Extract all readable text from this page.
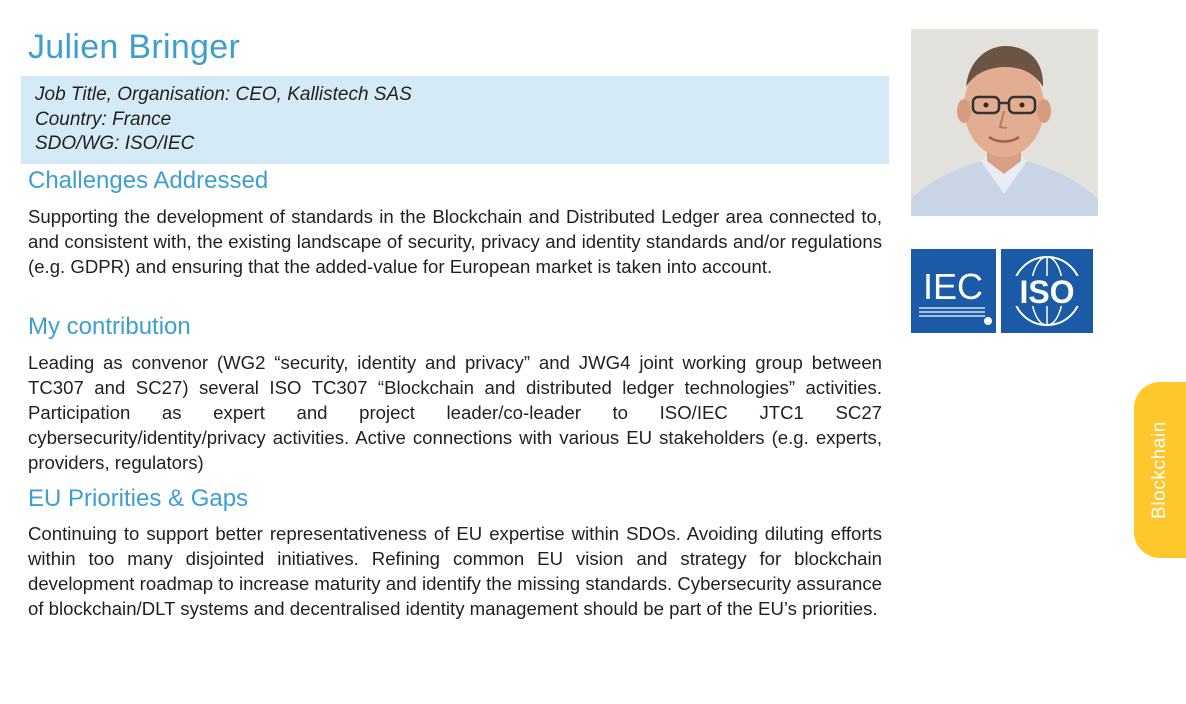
Julien Bringer
Job Title, Organisation: CEO, Kallistech SAS
Country: France
SDO/WG: ISO/IEC
Challenges Addressed

Supporting the development of standards in the Blockchain and Distributed Ledger area connected to, and consistent with, the existing landscape of security, privacy and identity standards and/or regulations (e.g. GDPR) and ensuring that the added-value for European market is taken into account.

My contribution

Leading as convenor (WG2 “security, identity and privacy” and JWG4 joint working group between TC307 and SC27) several ISO TC307 “Blockchain and distributed ledger technologies” activities. Participation as expert and project leader/co-leader to ISO/IEC JTC1 SC27 cybersecurity/identity/privacy activities. Active connections with various EU stakeholders (e.g. experts, providers, regulators)

EU Priorities & Gaps

Continuing to support better representativeness of EU expertise within SDOs. Avoiding diluting efforts within too many disjointed initiatives. Refining common EU vision and strategy for blockchain development roadmap to increase maturity and identify the missing standards. Cybersecurity assurance of blockchain/DLT systems and decentralised identity management should be part of the EU’s priorities.

IEC ISO
Blockchain
